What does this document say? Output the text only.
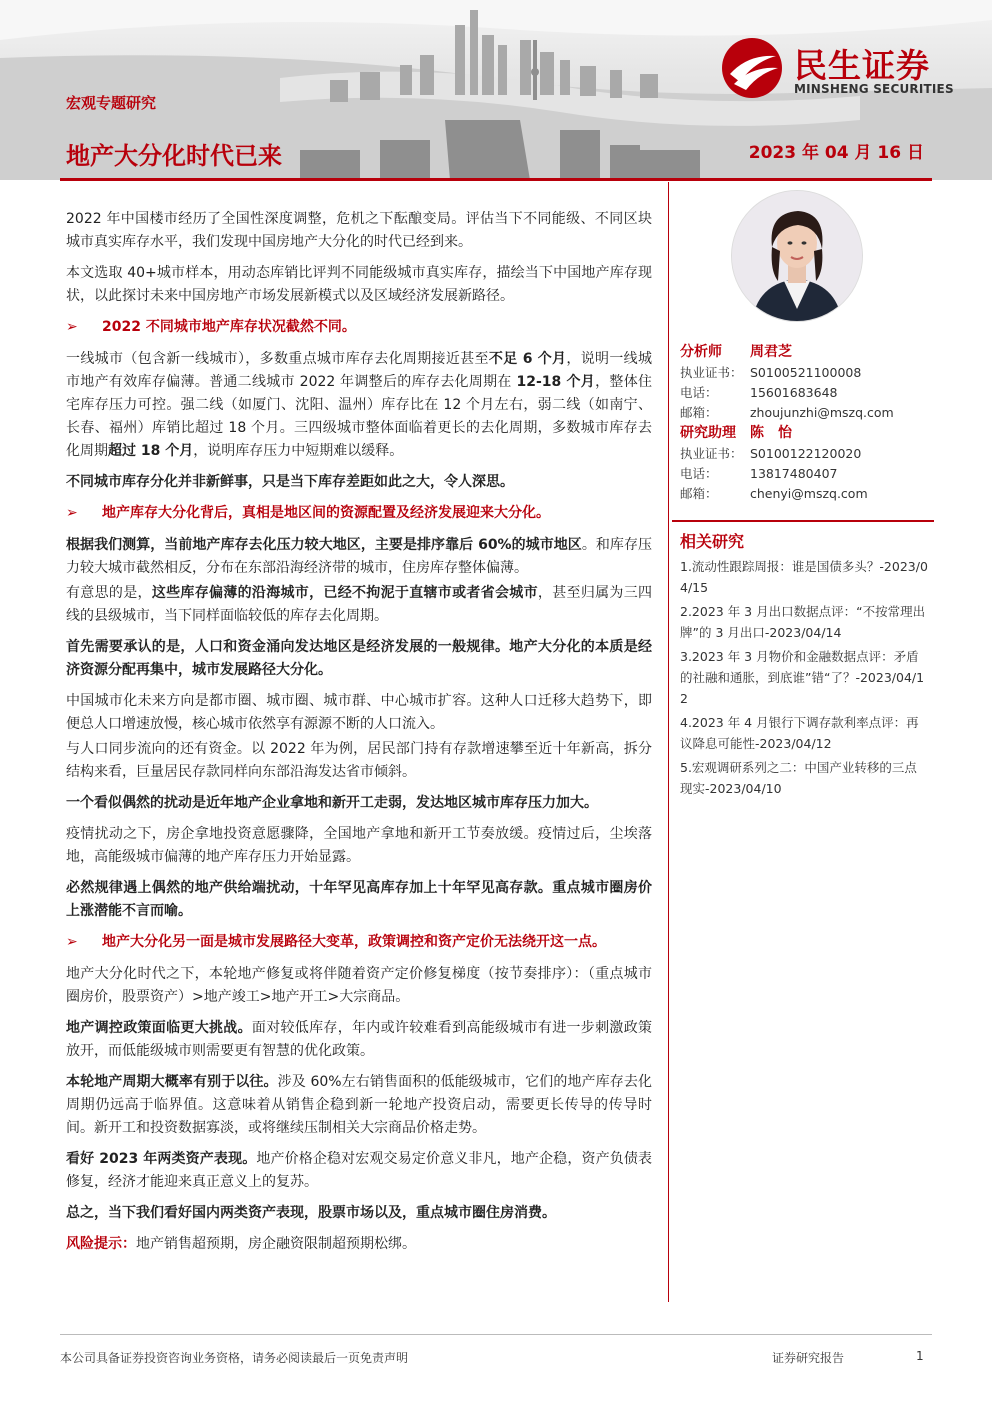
民生证券
MINSHENG SECURITIES
宏观专题研究
地产大分化时代已来	2023 年 04 月 16 日

2022 年中国楼市经历了全国性深度调整，危机之下酝酿变局。评估当下不同能级、不同区块城市真实库存水平，我们发现中国房地产大分化的时代已经到来。

本文选取 40+城市样本，用动态库销比评判不同能级城市真实库存，描绘当下中国地产库存现状，以此探讨未来中国房地产市场发展新模式以及区域经济发展新路径。

➢ 2022 不同城市地产库存状况截然不同。

一线城市（包含新一线城市），多数重点城市库存去化周期接近甚至不足 6 个月，说明一线城市地产有效库存偏薄。普通二线城市 2022 年调整后的库存去化周期在 12-18 个月，整体住宅库存压力可控。强二线（如厦门、沈阳、温州）库存比在 12 个月左右，弱二线（如南宁、长春、福州）库销比超过 18 个月。三四级城市整体面临着更长的去化周期，多数城市库存去化周期超过 18 个月，说明库存压力中短期难以缓释。

不同城市库存分化并非新鲜事，只是当下库存差距如此之大，令人深思。

➢ 地产库存大分化背后，真相是地区间的资源配置及经济发展迎来大分化。

根据我们测算，当前地产库存去化压力较大地区，主要是排序靠后 60%的城市地区。和库存压力较大城市截然相反，分布在东部沿海经济带的城市，住房库存整体偏薄。

有意思的是，这些库存偏薄的沿海城市，已经不拘泥于直辖市或者省会城市，甚至归属为三四线的县级城市，当下同样面临较低的库存去化周期。

首先需要承认的是，人口和资金涌向发达地区是经济发展的一般规律。地产大分化的本质是经济资源分配再集中，城市发展路径大分化。

中国城市化未来方向是都市圈、城市圈、城市群、中心城市扩容。这种人口迁移大趋势下，即便总人口增速放慢，核心城市依然享有源源不断的人口流入。

与人口同步流向的还有资金。以 2022 年为例，居民部门持有存款增速攀至近十年新高，拆分结构来看，巨量居民存款同样向东部沿海发达省市倾斜。

一个看似偶然的扰动是近年地产企业拿地和新开工走弱，发达地区城市库存压力加大。

疫情扰动之下，房企拿地投资意愿骤降，全国地产拿地和新开工节奏放缓。疫情过后，尘埃落地，高能级城市偏薄的地产库存压力开始显露。

必然规律遇上偶然的地产供给端扰动，十年罕见高库存加上十年罕见高存款。重点城市圈房价上涨潜能不言而喻。

➢ 地产大分化另一面是城市发展路径大变革，政策调控和资产定价无法绕开这一点。

地产大分化时代之下，本轮地产修复或将伴随着资产定价修复梯度（按节奏排序）：（重点城市圈房价，股票资产）>地产竣工>地产开工>大宗商品。

地产调控政策面临更大挑战。面对较低库存，年内或许较难看到高能级城市有进一步刺激政策放开，而低能级城市则需要更有智慧的优化政策。

本轮地产周期大概率有别于以往。涉及 60%左右销售面积的低能级城市，它们的地产库存去化周期仍远高于临界值。这意味着从销售企稳到新一轮地产投资启动，需要更长传导的传导时间。新开工和投资数据寡淡，或将继续压制相关大宗商品价格走势。

看好 2023 年两类资产表现。地产价格企稳对宏观交易定价意义非凡，地产企稳，资产负债表修复，经济才能迎来真正意义上的复苏。

总之，当下我们看好国内两类资产表现，股票市场以及，重点城市圈住房消费。

风险提示：地产销售超预期，房企融资限制超预期松绑。

分析师	周君芝
执业证书： S0100521100008
电话：	15601683648
邮箱：	zhoujunzhi@mszq.com
研究助理	陈　怡
执业证书： S0100122120020
电话：	13817480407
邮箱：	chenyi@mszq.com
相关研究
1.流动性跟踪周报：谁是国债多头？-2023/04/15
2.2023 年 3 月出口数据点评：“不按常理出牌”的 3 月出口-2023/04/14
3.2023 年 3 月物价和金融数据点评：矛盾的社融和通胀，到底谁”错“了？-2023/04/12
4.2023 年 4 月银行下调存款利率点评：再议降息可能性-2023/04/12
5.宏观调研系列之二：中国产业转移的三点现实-2023/04/10
本公司具备证券投资咨询业务资格，请务必阅读最后一页免责声明	证券研究报告	1
